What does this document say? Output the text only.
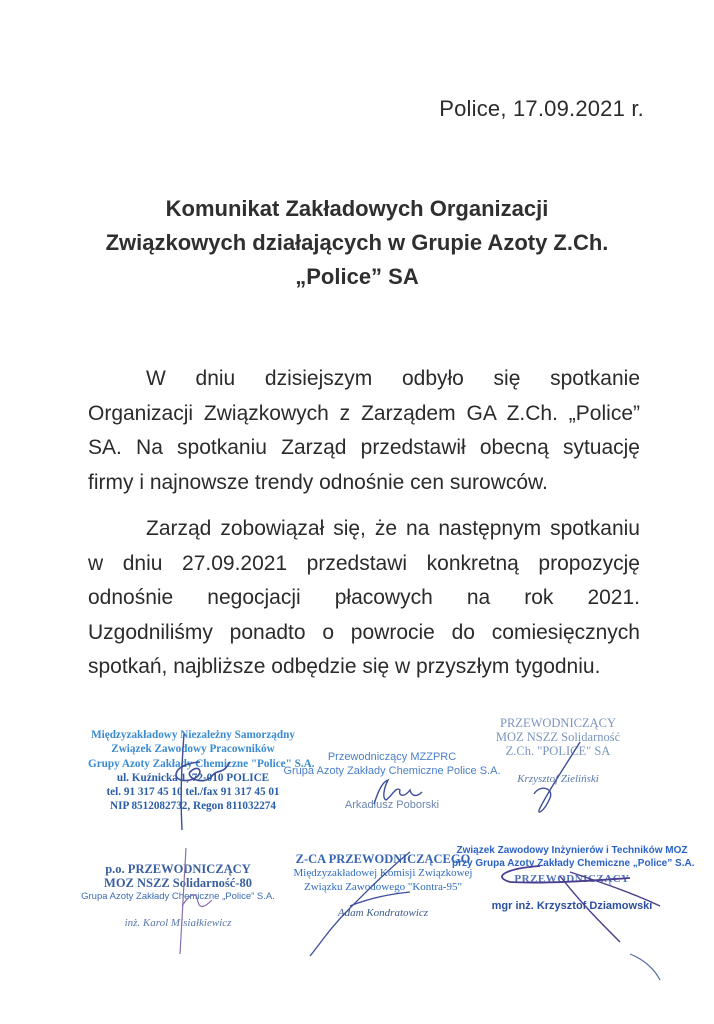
Police, 17.09.2021 r.
Komunikat Zakładowych Organizacji
Związkowych działających w Grupie Azoty Z.Ch.
„Police” SA
W dniu dzisiejszym odbyło się spotkanie
Organizacji Związkowych z Zarządem GA Z.Ch. „Police”
SA. Na spotkaniu Zarząd przedstawił obecną sytuację
firmy i najnowsze trendy odnośnie cen surowców.
Zarząd zobowiązał się, że na następnym spotkaniu
w dniu 27.09.2021 przedstawi konkretną propozycję
odnośnie negocjacji płacowych na rok 2021.
Uzgodniliśmy ponadto o powrocie do comiesięcznych
spotkań, najbliższe odbędzie się w przyszłym tygodniu.
Międzyzakładowy Niezależny Samorządny
Związek Zawodowy Pracowników
Grupy Azoty Zakłady Chemiczne "Police" S.A.
ul. Kuźnicka 1, 72-010 POLICE
tel. 91 317 45 10 tel./fax 91 317 45 01
NIP 8512082732, Regon 811032274
Przewodniczący MZZPRC
Grupa Azoty Zakłady Chemiczne Police S.A.
Arkadiusz Poborski
PRZEWODNICZĄCY
MOZ NSZZ Solidarność
Z.Ch. "POLICE" SA
Krzysztof Zieliński
p.o. PRZEWODNICZĄCY
MOZ NSZZ Solidarność-80
Grupa Azoty Zakłady Chemiczne „Police” S.A.
inż. Karol Misiałkiewicz
Z-CA PRZEWODNICZĄCEGO
Międzyzakładowej Komisji Związkowej
Związku Zawodowego "Kontra-95"
Adam Kondratowicz
Związek Zawodowy Inżynierów i Techników MOZ
przy Grupa Azoty Zakłady Chemiczne „Police” S.A.
PRZEWODNICZĄCY
mgr inż. Krzysztof Dziamowski
